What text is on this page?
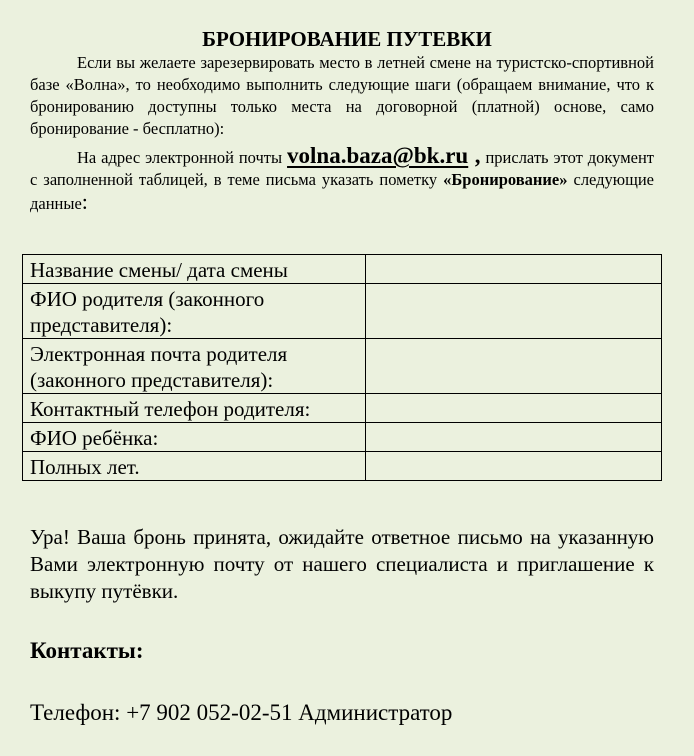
БРОНИРОВАНИЕ ПУТЕВКИ
Если вы желаете зарезервировать место в летней смене на туристско-спортивной базе «Волна», то необходимо выполнить следующие шаги (обращаем внимание, что к бронированию доступны только места на договорной (платной) основе, само бронирование - бесплатно):
На адрес электронной почты volna.baza@bk.ru , прислать этот документ с заполненной таблицей, в теме письма указать пометку «Бронирование» следующие данные:
Название смены/ дата смены	
ФИО родителя (законного представителя):	
Электронная почта родителя (законного представителя):	
Контактный телефон родителя:	
ФИО ребёнка:	
Полных лет.	
Ура! Ваша бронь принята, ожидайте ответное письмо на указанную Вами электронную почту от нашего специалиста и приглашение к выкупу путёвки.
Контакты:
Телефон: +7 902 052-02-51 Администратор
